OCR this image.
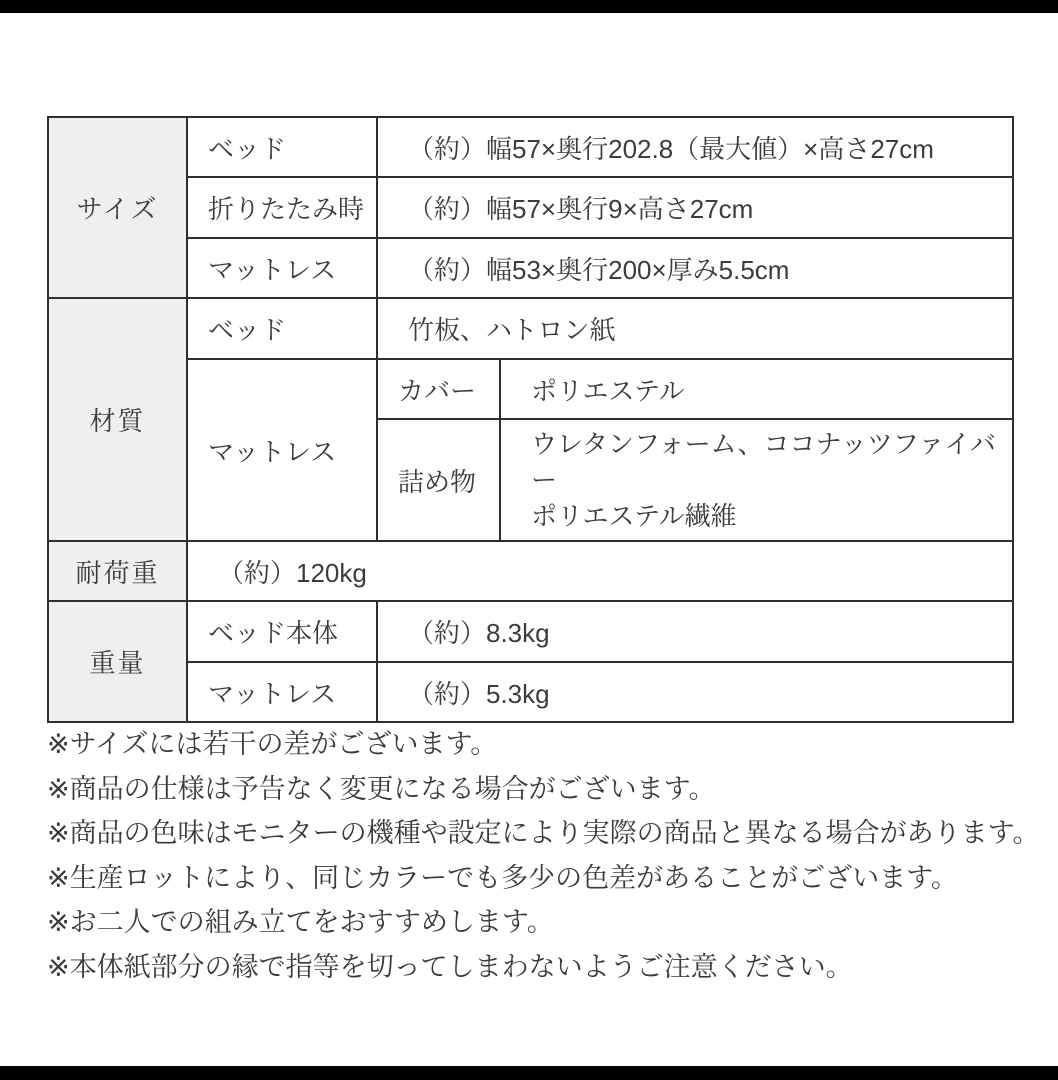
サイズ	ベッド	（約）幅57×奥行202.8（最大値）×高さ27cm	
	折りたたみ時	（約）幅57×奥行9×高さ27cm	
	マットレス	（約）幅53×奥行200×厚み5.5cm	
材質	ベッド	竹板、ハトロン紙	
	マットレス	カバー	ポリエステル
		詰め物	ウレタンフォーム、ココナッツファイバー
ポリエステル繊維

耐荷重	（約）120kg		
重量	ベッド本体	（約）8.3kg	
	マットレス	（約）5.3kg	
※サイズには若干の差がございます。
※商品の仕様は予告なく変更になる場合がございます。
※商品の色味はモニターの機種や設定により実際の商品と異なる場合があります。
※生産ロットにより、同じカラーでも多少の色差があることがございます。
※お二人での組み立てをおすすめします。
※本体紙部分の縁で指等を切ってしまわないようご注意ください。
